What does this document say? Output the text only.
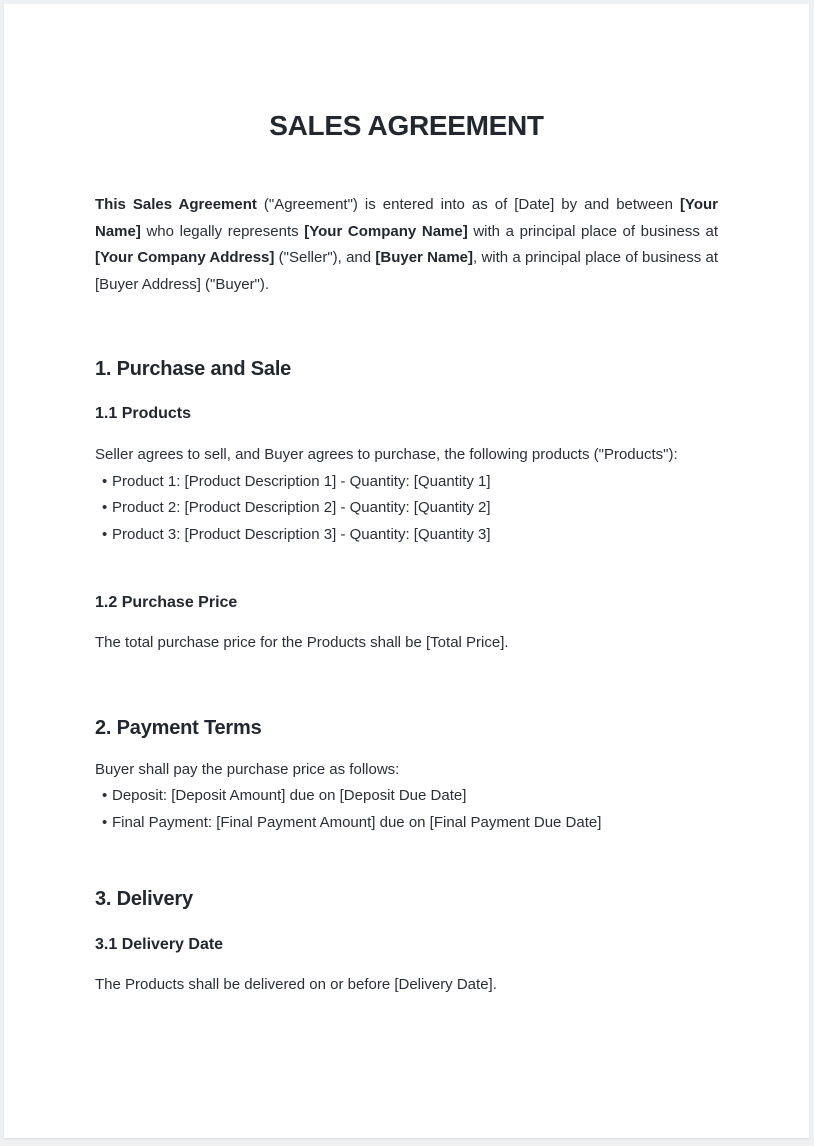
SALES AGREEMENT

This Sales Agreement ("Agreement") is entered into as of [Date] by and between [Your Name] who legally represents [Your Company Name] with a principal place of business at [Your Company Address] ("Seller"), and [Buyer Name], with a principal place of business at [Buyer Address] ("Buyer").

1. Purchase and Sale
1.1 Products

Seller agrees to sell, and Buyer agrees to purchase, the following products ("Products"):

• Product 1: [Product Description 1] - Quantity: [Quantity 1]
• Product 2: [Product Description 2] - Quantity: [Quantity 2]
• Product 3: [Product Description 3] - Quantity: [Quantity 3]
1.2 Purchase Price

The total purchase price for the Products shall be [Total Price].

2. Payment Terms

Buyer shall pay the purchase price as follows:

• Deposit: [Deposit Amount] due on [Deposit Due Date]
• Final Payment: [Final Payment Amount] due on [Final Payment Due Date]
3. Delivery
3.1 Delivery Date

The Products shall be delivered on or before [Delivery Date].
